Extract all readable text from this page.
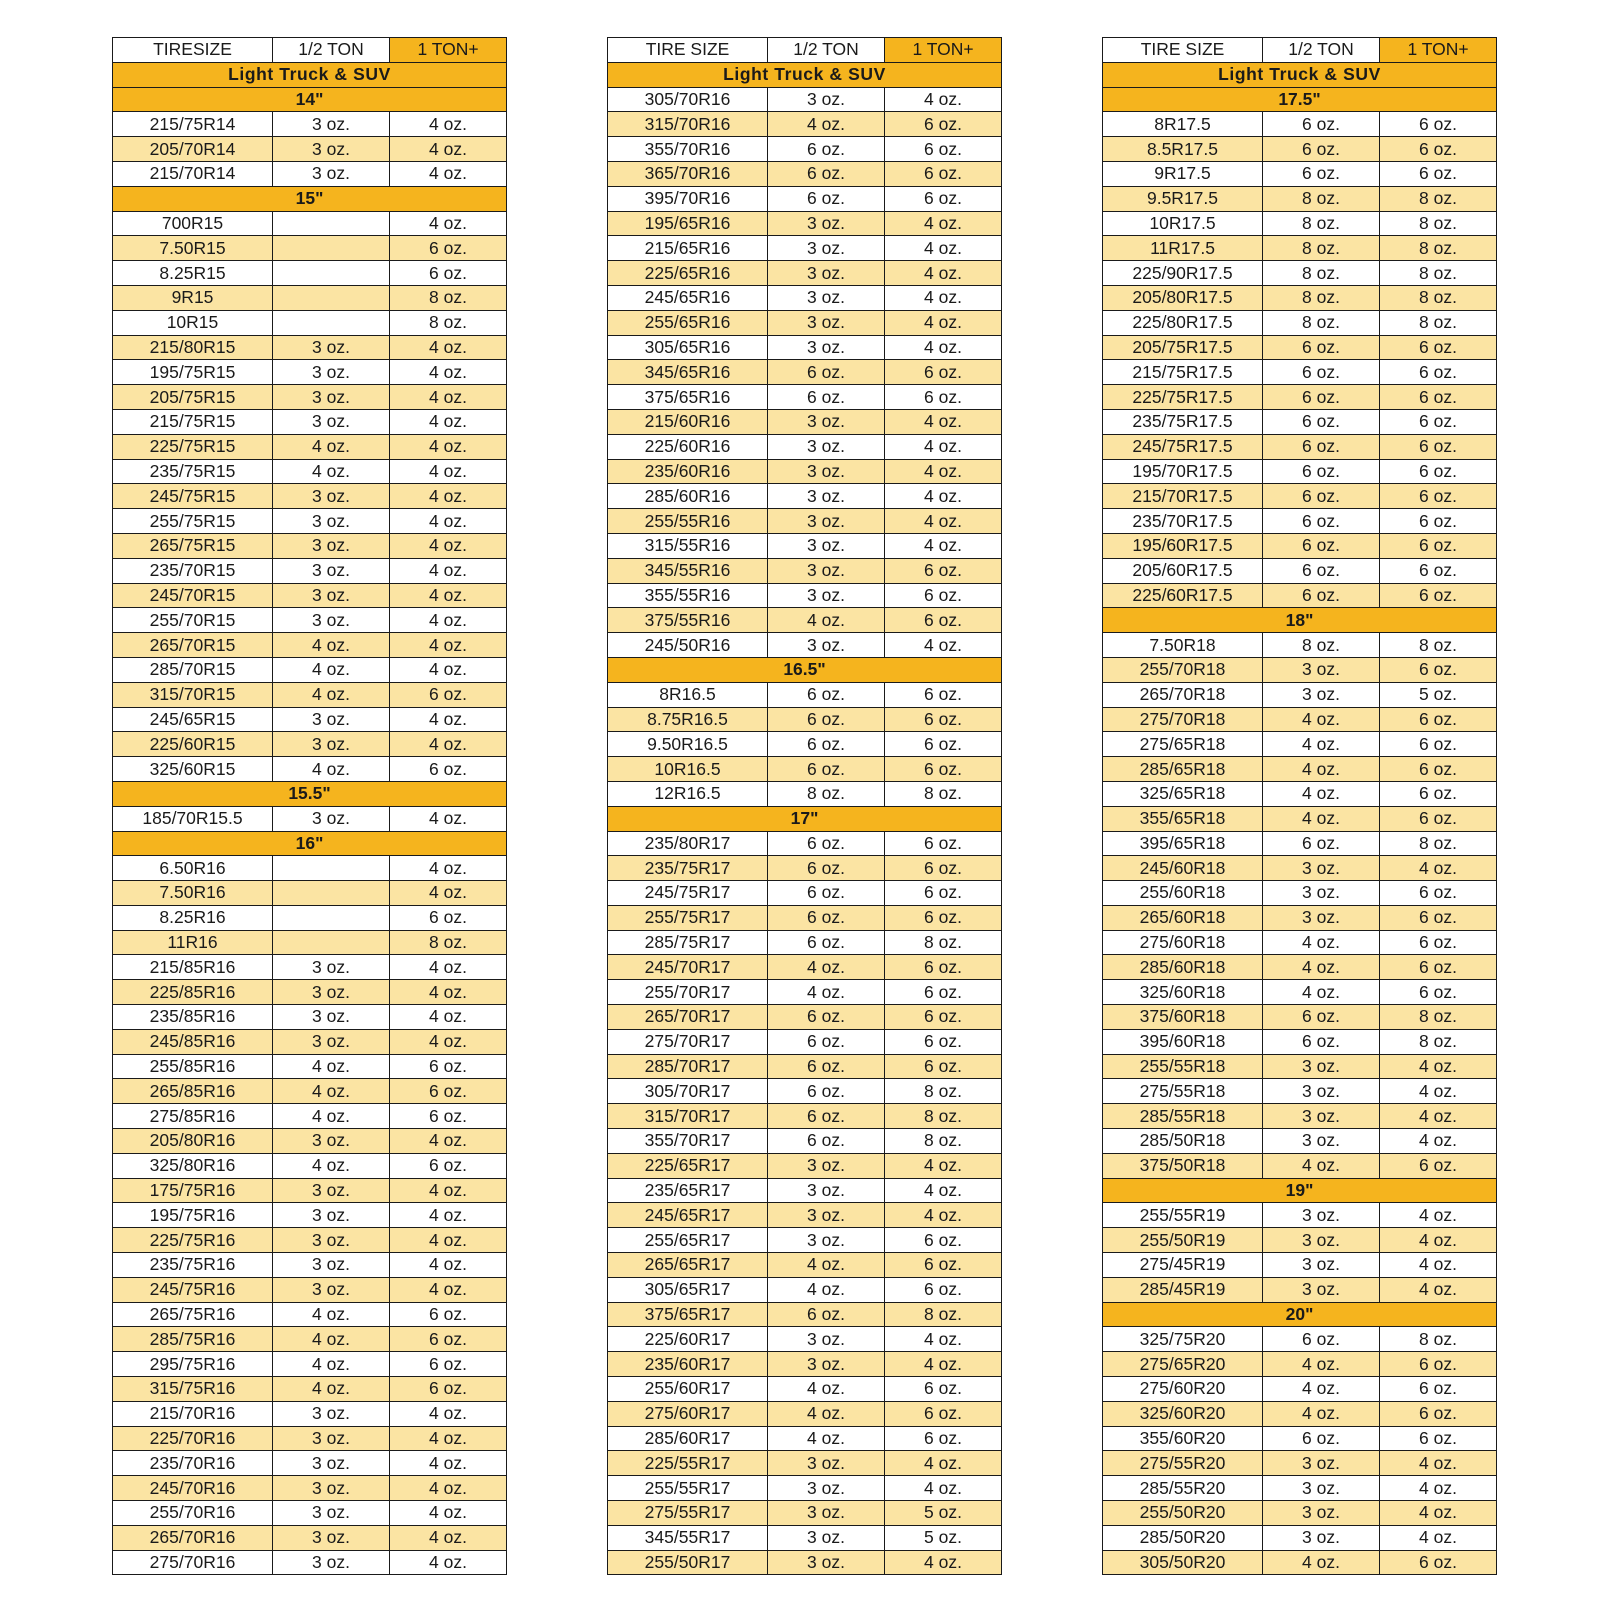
TIRESIZE	1/2 TON	1 TON+
Light Truck & SUV		
14"		
215/75R14	3 oz.	4 oz.
205/70R14	3 oz.	4 oz.
215/70R14	3 oz.	4 oz.
15"		
700R15		4 oz.
7.50R15		6 oz.
8.25R15		6 oz.
9R15		8 oz.
10R15		8 oz.
215/80R15	3 oz.	4 oz.
195/75R15	3 oz.	4 oz.
205/75R15	3 oz.	4 oz.
215/75R15	3 oz.	4 oz.
225/75R15	4 oz.	4 oz.
235/75R15	4 oz.	4 oz.
245/75R15	3 oz.	4 oz.
255/75R15	3 oz.	4 oz.
265/75R15	3 oz.	4 oz.
235/70R15	3 oz.	4 oz.
245/70R15	3 oz.	4 oz.
255/70R15	3 oz.	4 oz.
265/70R15	4 oz.	4 oz.
285/70R15	4 oz.	4 oz.
315/70R15	4 oz.	6 oz.
245/65R15	3 oz.	4 oz.
225/60R15	3 oz.	4 oz.
325/60R15	4 oz.	6 oz.
15.5"		
185/70R15.5	3 oz.	4 oz.
16"		
6.50R16		4 oz.
7.50R16		4 oz.
8.25R16		6 oz.
11R16		8 oz.
215/85R16	3 oz.	4 oz.
225/85R16	3 oz.	4 oz.
235/85R16	3 oz.	4 oz.
245/85R16	3 oz.	4 oz.
255/85R16	4 oz.	6 oz.
265/85R16	4 oz.	6 oz.
275/85R16	4 oz.	6 oz.
205/80R16	3 oz.	4 oz.
325/80R16	4 oz.	6 oz.
175/75R16	3 oz.	4 oz.
195/75R16	3 oz.	4 oz.
225/75R16	3 oz.	4 oz.
235/75R16	3 oz.	4 oz.
245/75R16	3 oz.	4 oz.
265/75R16	4 oz.	6 oz.
285/75R16	4 oz.	6 oz.
295/75R16	4 oz.	6 oz.
315/75R16	4 oz.	6 oz.
215/70R16	3 oz.	4 oz.
225/70R16	3 oz.	4 oz.
235/70R16	3 oz.	4 oz.
245/70R16	3 oz.	4 oz.
255/70R16	3 oz.	4 oz.
265/70R16	3 oz.	4 oz.
275/70R16	3 oz.	4 oz.
TIRE SIZE	1/2 TON	1 TON+
Light Truck & SUV		
305/70R16	3 oz.	4 oz.
315/70R16	4 oz.	6 oz.
355/70R16	6 oz.	6 oz.
365/70R16	6 oz.	6 oz.
395/70R16	6 oz.	6 oz.
195/65R16	3 oz.	4 oz.
215/65R16	3 oz.	4 oz.
225/65R16	3 oz.	4 oz.
245/65R16	3 oz.	4 oz.
255/65R16	3 oz.	4 oz.
305/65R16	3 oz.	4 oz.
345/65R16	6 oz.	6 oz.
375/65R16	6 oz.	6 oz.
215/60R16	3 oz.	4 oz.
225/60R16	3 oz.	4 oz.
235/60R16	3 oz.	4 oz.
285/60R16	3 oz.	4 oz.
255/55R16	3 oz.	4 oz.
315/55R16	3 oz.	4 oz.
345/55R16	3 oz.	6 oz.
355/55R16	3 oz.	6 oz.
375/55R16	4 oz.	6 oz.
245/50R16	3 oz.	4 oz.
16.5"		
8R16.5	6 oz.	6 oz.
8.75R16.5	6 oz.	6 oz.
9.50R16.5	6 oz.	6 oz.
10R16.5	6 oz.	6 oz.
12R16.5	8 oz.	8 oz.
17"		
235/80R17	6 oz.	6 oz.
235/75R17	6 oz.	6 oz.
245/75R17	6 oz.	6 oz.
255/75R17	6 oz.	6 oz.
285/75R17	6 oz.	8 oz.
245/70R17	4 oz.	6 oz.
255/70R17	4 oz.	6 oz.
265/70R17	6 oz.	6 oz.
275/70R17	6 oz.	6 oz.
285/70R17	6 oz.	6 oz.
305/70R17	6 oz.	8 oz.
315/70R17	6 oz.	8 oz.
355/70R17	6 oz.	8 oz.
225/65R17	3 oz.	4 oz.
235/65R17	3 oz.	4 oz.
245/65R17	3 oz.	4 oz.
255/65R17	3 oz.	6 oz.
265/65R17	4 oz.	6 oz.
305/65R17	4 oz.	6 oz.
375/65R17	6 oz.	8 oz.
225/60R17	3 oz.	4 oz.
235/60R17	3 oz.	4 oz.
255/60R17	4 oz.	6 oz.
275/60R17	4 oz.	6 oz.
285/60R17	4 oz.	6 oz.
225/55R17	3 oz.	4 oz.
255/55R17	3 oz.	4 oz.
275/55R17	3 oz.	5 oz.
345/55R17	3 oz.	5 oz.
255/50R17	3 oz.	4 oz.
TIRE SIZE	1/2 TON	1 TON+
Light Truck & SUV		
17.5"		
8R17.5	6 oz.	6 oz.
8.5R17.5	6 oz.	6 oz.
9R17.5	6 oz.	6 oz.
9.5R17.5	8 oz.	8 oz.
10R17.5	8 oz.	8 oz.
11R17.5	8 oz.	8 oz.
225/90R17.5	8 oz.	8 oz.
205/80R17.5	8 oz.	8 oz.
225/80R17.5	8 oz.	8 oz.
205/75R17.5	6 oz.	6 oz.
215/75R17.5	6 oz.	6 oz.
225/75R17.5	6 oz.	6 oz.
235/75R17.5	6 oz.	6 oz.
245/75R17.5	6 oz.	6 oz.
195/70R17.5	6 oz.	6 oz.
215/70R17.5	6 oz.	6 oz.
235/70R17.5	6 oz.	6 oz.
195/60R17.5	6 oz.	6 oz.
205/60R17.5	6 oz.	6 oz.
225/60R17.5	6 oz.	6 oz.
18"		
7.50R18	8 oz.	8 oz.
255/70R18	3 oz.	6 oz.
265/70R18	3 oz.	5 oz.
275/70R18	4 oz.	6 oz.
275/65R18	4 oz.	6 oz.
285/65R18	4 oz.	6 oz.
325/65R18	4 oz.	6 oz.
355/65R18	4 oz.	6 oz.
395/65R18	6 oz.	8 oz.
245/60R18	3 oz.	4 oz.
255/60R18	3 oz.	6 oz.
265/60R18	3 oz.	6 oz.
275/60R18	4 oz.	6 oz.
285/60R18	4 oz.	6 oz.
325/60R18	4 oz.	6 oz.
375/60R18	6 oz.	8 oz.
395/60R18	6 oz.	8 oz.
255/55R18	3 oz.	4 oz.
275/55R18	3 oz.	4 oz.
285/55R18	3 oz.	4 oz.
285/50R18	3 oz.	4 oz.
375/50R18	4 oz.	6 oz.
19"		
255/55R19	3 oz.	4 oz.
255/50R19	3 oz.	4 oz.
275/45R19	3 oz.	4 oz.
285/45R19	3 oz.	4 oz.
20"		
325/75R20	6 oz.	8 oz.
275/65R20	4 oz.	6 oz.
275/60R20	4 oz.	6 oz.
325/60R20	4 oz.	6 oz.
355/60R20	6 oz.	6 oz.
275/55R20	3 oz.	4 oz.
285/55R20	3 oz.	4 oz.
255/50R20	3 oz.	4 oz.
285/50R20	3 oz.	4 oz.
305/50R20	4 oz.	6 oz.
